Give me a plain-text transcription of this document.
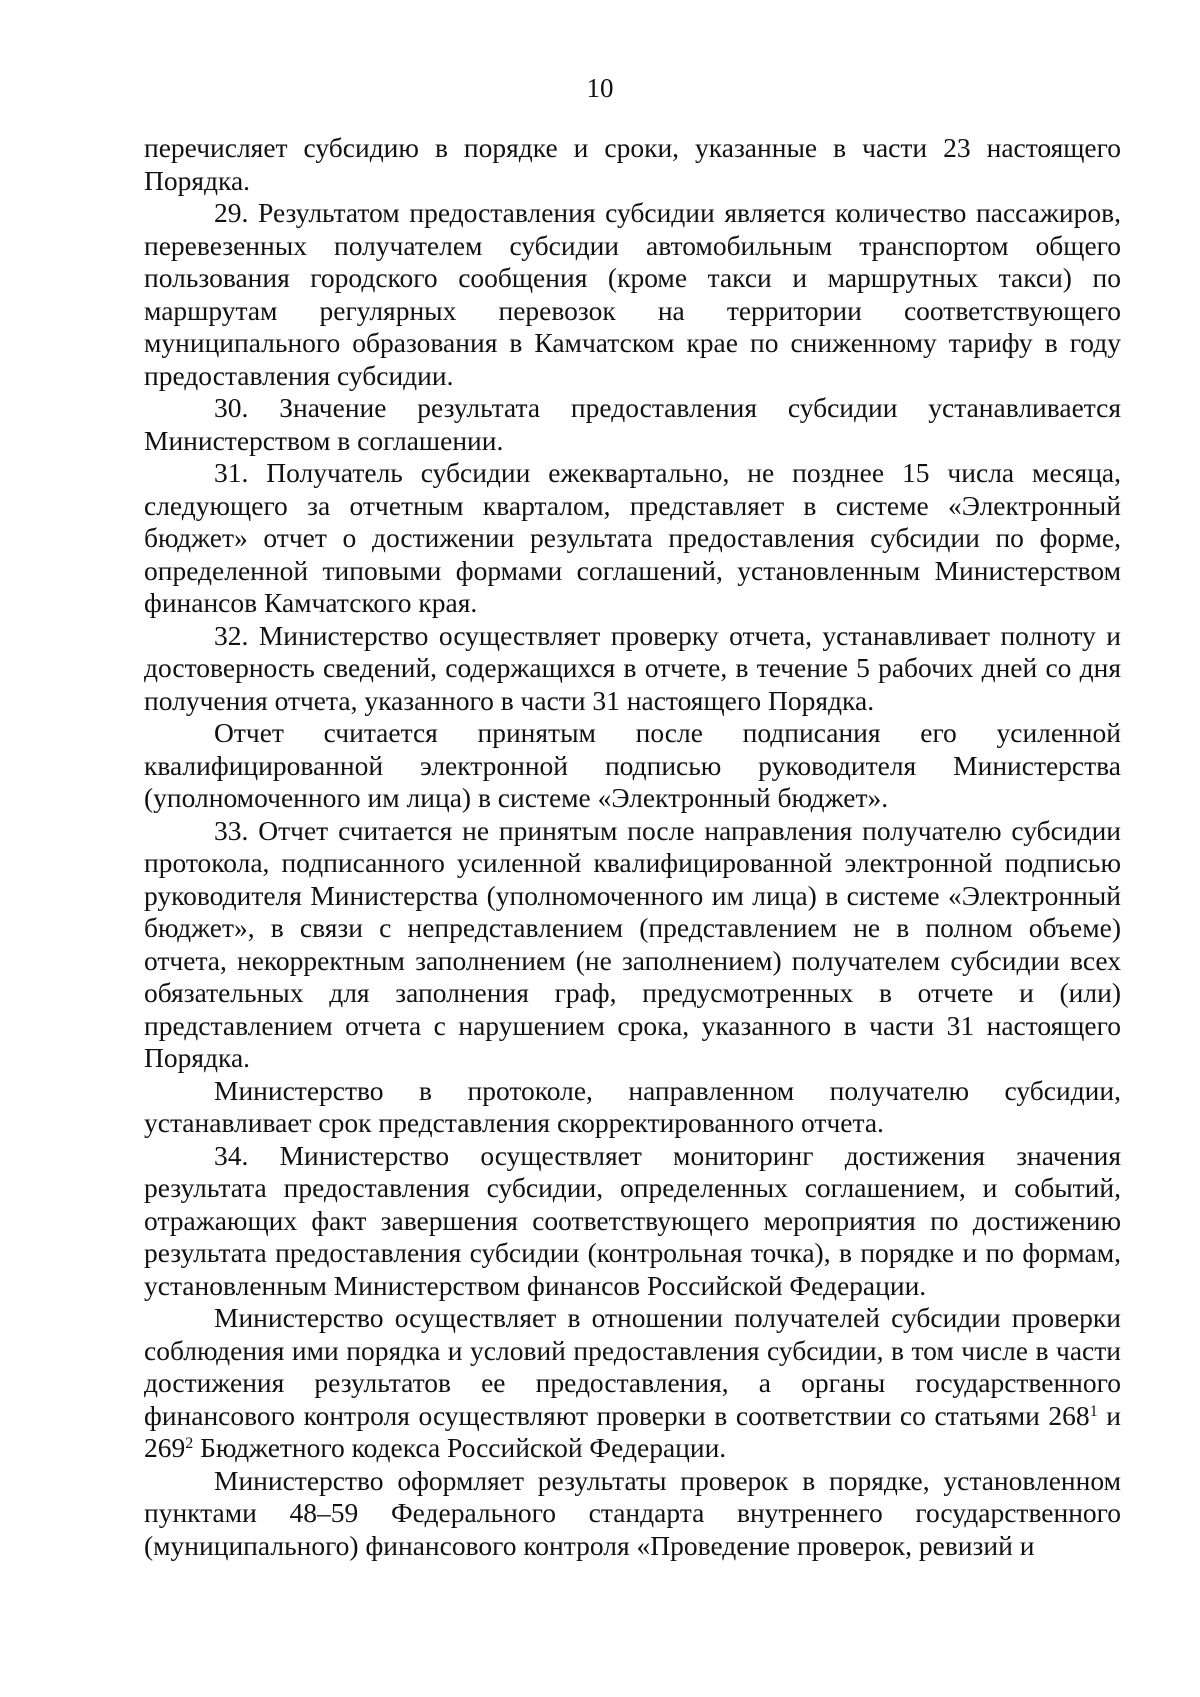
10

перечисляет субсидию в порядке и сроки, указанные в части 23 настоящего Порядка.

29. Результатом предоставления субсидии является количество пассажиров, перевезенных получателем субсидии автомобильным транспортом общего пользования городского сообщения (кроме такси и маршрутных такси) по маршрутам регулярных перевозок на территории соответствующего муниципального образования в Камчатском крае по сниженному тарифу в году предоставления субсидии.

30. Значение результата предоставления субсидии устанавливается Министерством в соглашении.

31. Получатель субсидии ежеквартально, не позднее 15 числа месяца, следующего за отчетным кварталом, представляет в системе «Электронный бюджет» отчет о достижении результата предоставления субсидии по форме, определенной типовыми формами соглашений, установленным Министерством финансов Камчатского края.

32. Министерство осуществляет проверку отчета, устанавливает полноту и достоверность сведений, содержащихся в отчете, в течение 5 рабочих дней со дня получения отчета, указанного в части 31 настоящего Порядка.

Отчет считается принятым после подписания его усиленной квалифицированной электронной подписью руководителя Министерства (уполномоченного им лица) в системе «Электронный бюджет».

33. Отчет считается не принятым после направления получателю субсидии протокола, подписанного усиленной квалифицированной электронной подписью руководителя Министерства (уполномоченного им лица) в системе «Электронный бюджет», в связи с непредставлением (представлением не в полном объеме) отчета, некорректным заполнением (не заполнением) получателем субсидии всех обязательных для заполнения граф, предусмотренных в отчете и (или) представлением отчета с нарушением срока, указанного в части 31 настоящего Порядка.

Министерство в протоколе, направленном получателю субсидии, устанавливает срок представления скорректированного отчета.

34. Министерство осуществляет мониторинг достижения значения результата предоставления субсидии, определенных соглашением, и событий, отражающих факт завершения соответствующего мероприятия по достижению результата предоставления субсидии (контрольная точка), в порядке и по формам, установленным Министерством финансов Российской Федерации.

Министерство осуществляет в отношении получателей субсидии проверки соблюдения ими порядка и условий предоставления субсидии, в том числе в части достижения результатов ее предоставления, а органы государственного финансового контроля осуществляют проверки в соответствии со статьями $268^1$ и $269^2$ Бюджетного кодекса Российской Федерации.

Министерство оформляет результаты проверок в порядке, установленном пунктами 48–59 Федерального стандарта внутреннего государственного (муниципального) финансового контроля «Проведение проверок, ревизий и
